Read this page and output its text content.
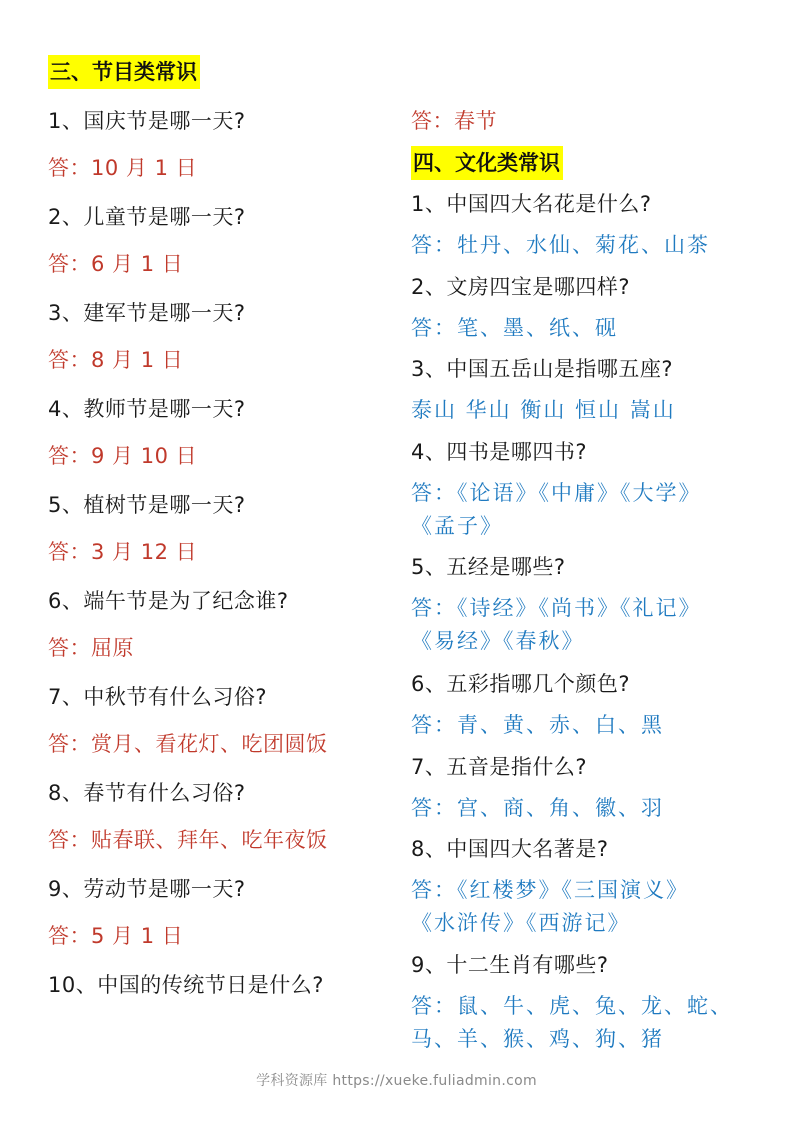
三、节目类常识
1、国庆节是哪一天?
答：10 月 1 日
2、儿童节是哪一天?
答：6 月 1 日
3、建军节是哪一天?
答：8 月 1 日
4、教师节是哪一天?
答：9 月 10 日
5、植树节是哪一天?
答：3 月 12 日
6、端午节是为了纪念谁?
答：屈原
7、中秋节有什么习俗?
答：赏月、看花灯、吃团圆饭
8、春节有什么习俗?
答：贴春联、拜年、吃年夜饭
9、劳动节是哪一天?
答：5 月 1 日
10、中国的传统节日是什么?
答：春节
四、文化类常识
1、中国四大名花是什么?
答：牡丹、水仙、菊花、山茶
2、文房四宝是哪四样?
答：笔、墨、纸、砚
3、中国五岳山是指哪五座?
泰山 华山 衡山 恒山 嵩山
4、四书是哪四书?
答：《论语》《中庸》《大学》
《孟子》
5、五经是哪些?
答：《诗经》《尚书》《礼记》
《易经》《春秋》
6、五彩指哪几个颜色?
答：青、黄、赤、白、黑
7、五音是指什么?
答：宫、商、角、徽、羽
8、中国四大名著是?
答：《红楼梦》《三国演义》
《水浒传》《西游记》
9、十二生肖有哪些?
答：鼠、牛、虎、兔、龙、蛇、
马、羊、猴、鸡、狗、猪
学科资源库 https://xueke.fuliadmin.com
